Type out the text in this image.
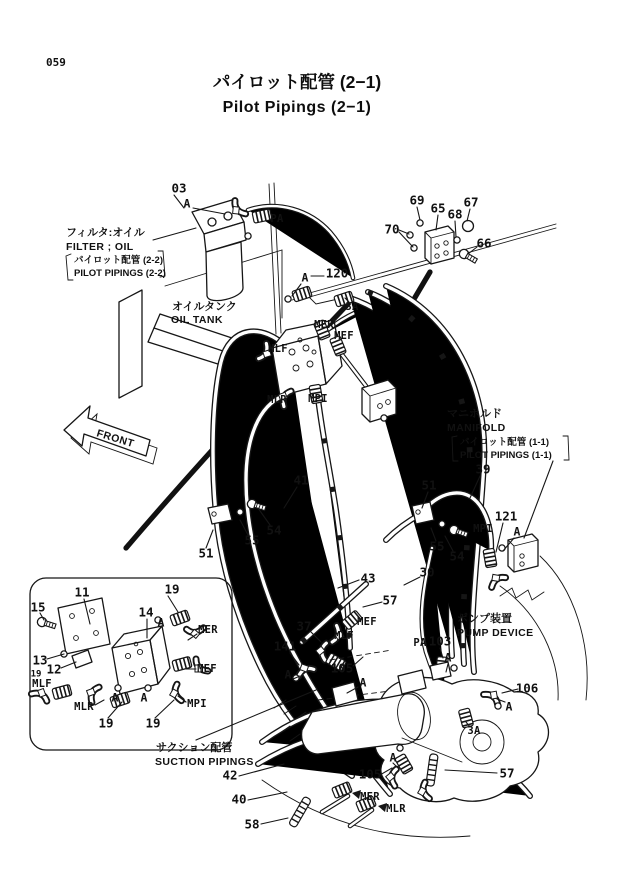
059
パイロット配管 (2−1)
Pilot Pipings (2−1)
FRONT
フィルタ:オイル
FILTER ; OIL
パイロット配管 (2-2)
PILOT PIPINGS (2-2)
オイルタンク
OIL TANK
マニホルド
MANIFOLD
パイロット配管 (1-1)
PILOT PIPINGS (1-1)
ポンプ装置
PUMP DEVICE
サクション配管
SUCTION PIPINGS
03
A
PA
69
65 68
67
70
66
A 120
3A
MER
MEF
MLF
MLR MPI
41
39
51
121
A
MPI
55
54
30
54
55
51
43
57
MEF
MLF
37
141
A	105
A
PA 103
A
106
A
3A
57
A
105
MER
MLR
42
40
58
15
11	19
14
A
MER
13
12	MEF
19
MLF
A A
MLR	MPI
19	19
